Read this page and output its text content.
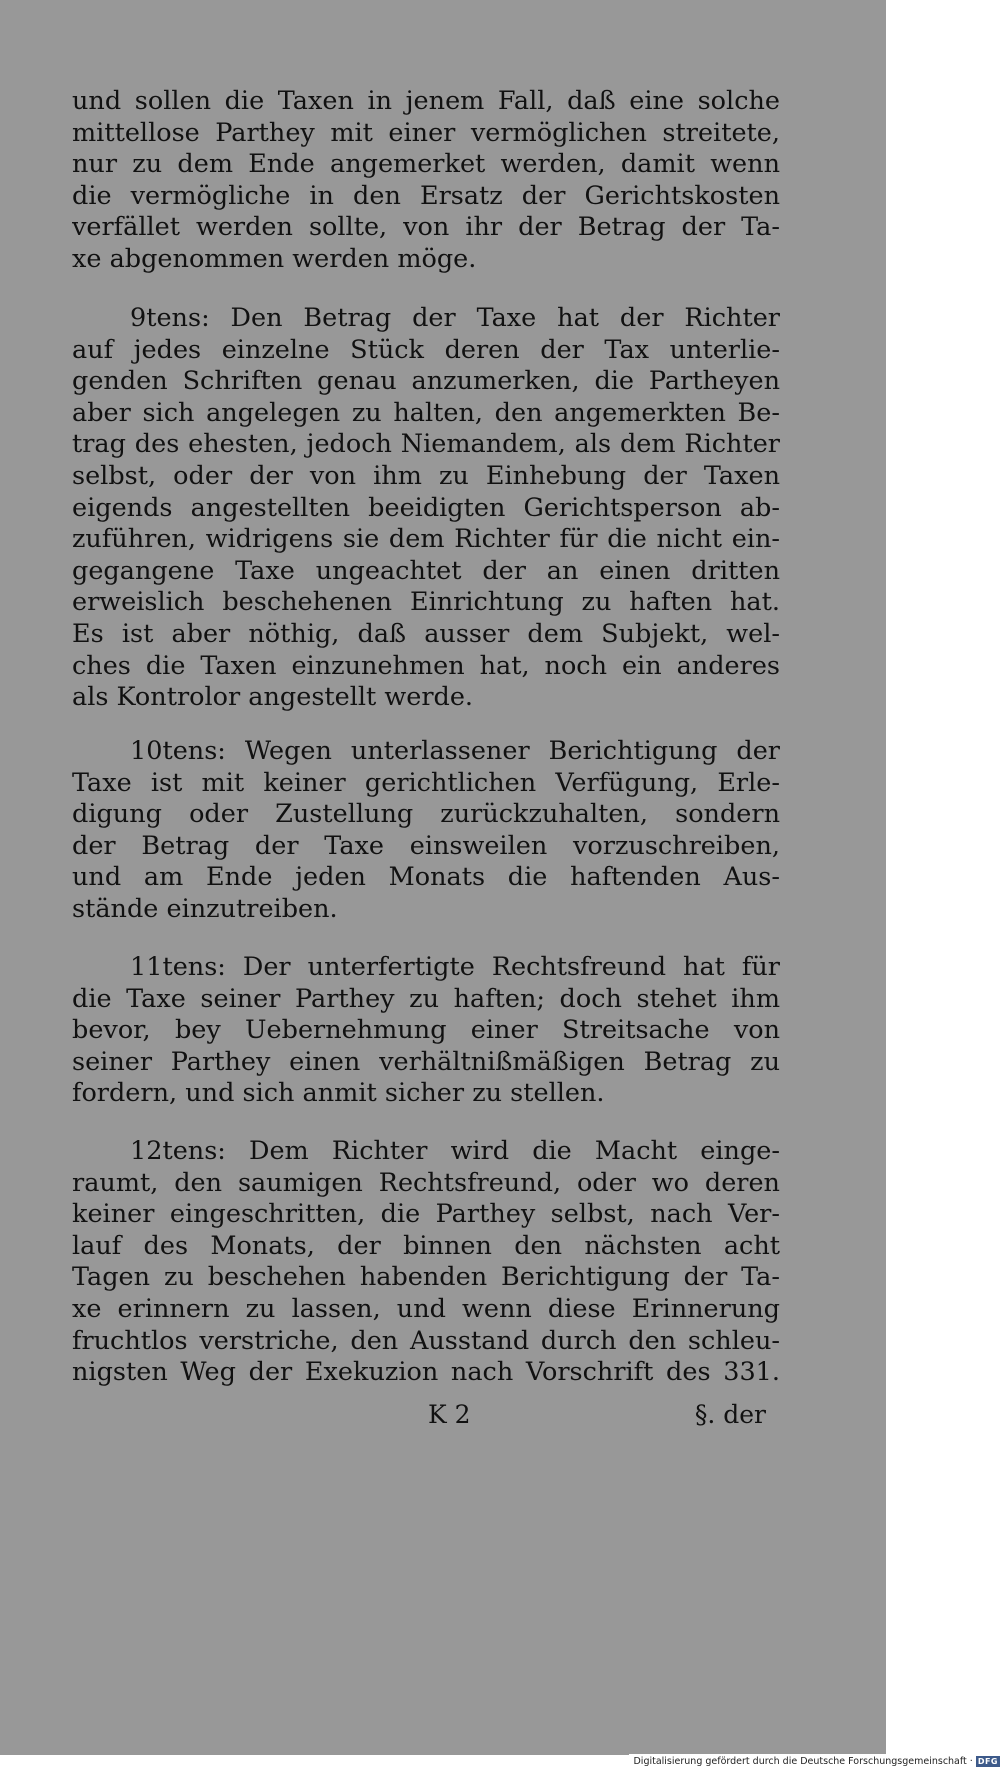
und sollen die Taxen in jenem Fall, daß eine solche
mittellose Parthey mit einer vermöglichen streitete,
nur zu dem Ende angemerket werden, damit wenn
die vermögliche in den Ersatz der Gerichtskosten
verfället werden sollte, von ihr der Betrag der Ta-
xe abgenommen werden möge.
9tens: Den Betrag der Taxe hat der Richter
auf jedes einzelne Stück deren der Tax unterlie-
genden Schriften genau anzumerken, die Partheyen
aber sich angelegen zu halten, den angemerkten Be-
trag des ehesten, jedoch Niemandem, als dem Richter
selbst, oder der von ihm zu Einhebung der Taxen
eigends angestellten beeidigten Gerichtsperson ab-
zuführen, widrigens sie dem Richter für die nicht ein-
gegangene Taxe ungeachtet der an einen dritten
erweislich beschehenen Einrichtung zu haften hat.
Es ist aber nöthig, daß ausser dem Subjekt, wel-
ches die Taxen einzunehmen hat, noch ein anderes
als Kontrolor angestellt werde.
10tens: Wegen unterlassener Berichtigung der
Taxe ist mit keiner gerichtlichen Verfügung, Erle-
digung oder Zustellung zurückzuhalten, sondern
der Betrag der Taxe einsweilen vorzuschreiben,
und am Ende jeden Monats die haftenden Aus-
stände einzutreiben.
11tens: Der unterfertigte Rechtsfreund hat für
die Taxe seiner Parthey zu haften; doch stehet ihm
bevor, bey Uebernehmung einer Streitsache von
seiner Parthey einen verhältnißmäßigen Betrag zu
fordern, und sich anmit sicher zu stellen.
12tens: Dem Richter wird die Macht einge-
raumt, den saumigen Rechtsfreund, oder wo deren
keiner eingeschritten, die Parthey selbst, nach Ver-
lauf des Monats, der binnen den nächsten acht
Tagen zu beschehen habenden Berichtigung der Ta-
xe erinnern zu lassen, und wenn diese Erinnerung
fruchtlos verstriche, den Ausstand durch den schleu-
nigsten Weg der Exekuzion nach Vorschrift des 331.
K 2	§. der
Digitalisierung gefördert durch die Deutsche Forschungsgemeinschaft · DFG
